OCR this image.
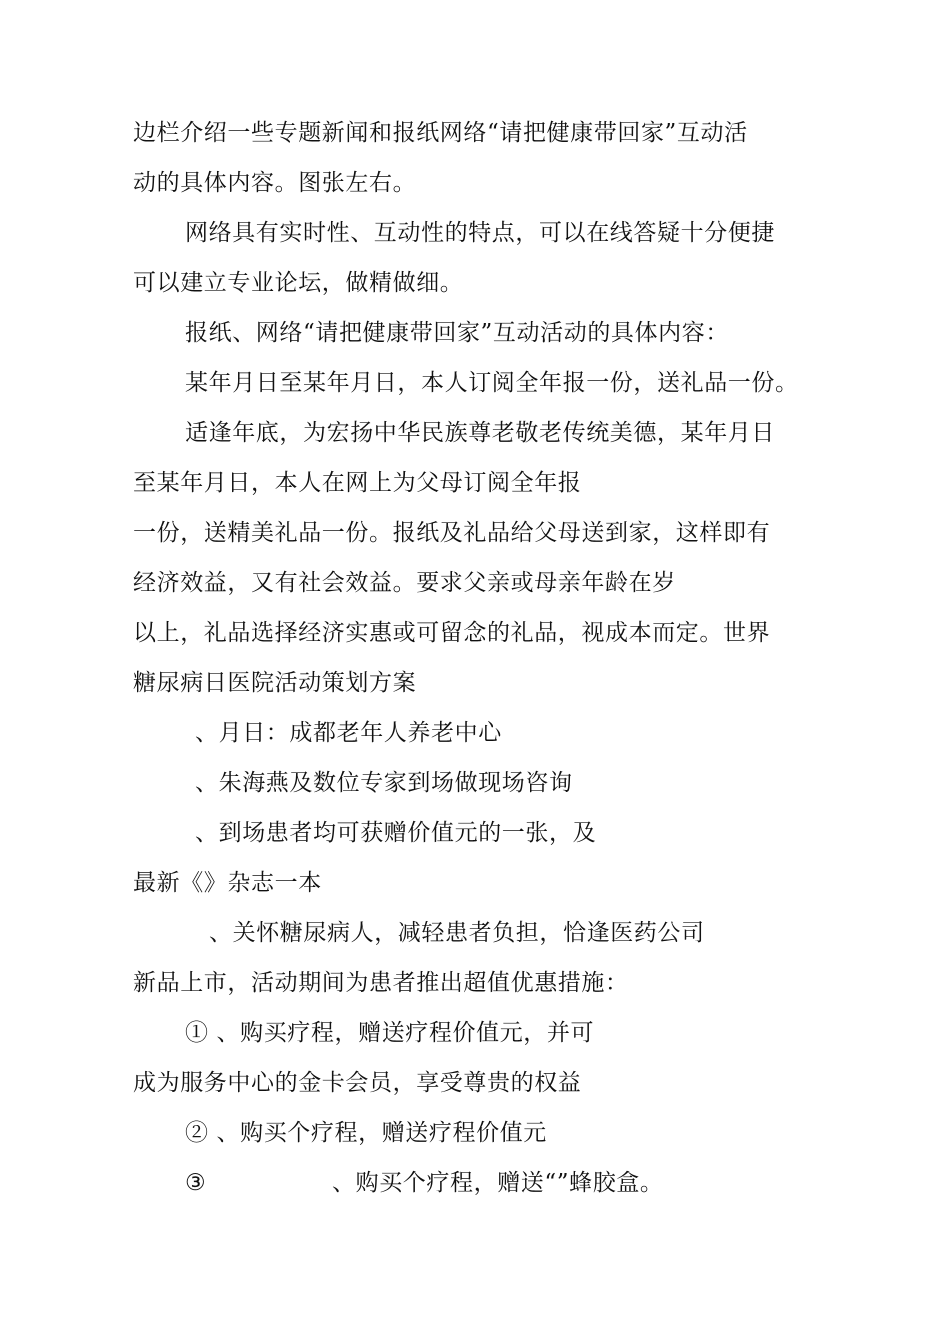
边栏介绍一些专题新闻和报纸网络“请把健康带回家”互动活
动的具体内容。图张左右。
网络具有实时性、互动性的特点，可以在线答疑十分便捷
可以建立专业论坛，做精做细。
报纸、网络“请把健康带回家”互动活动的具体内容：
某年月日至某年月日，本人订阅全年报一份，送礼品一份。
适逢年底，为宏扬中华民族尊老敬老传统美德，某年月日
至某年月日，本人在网上为父母订阅全年报
一份，送精美礼品一份。报纸及礼品给父母送到家，这样即有
经济效益，又有社会效益。要求父亲或母亲年龄在岁
以上，礼品选择经济实惠或可留念的礼品，视成本而定。世界
糖尿病日医院活动策划方案
、月日：成都老年人养老中心
、朱海燕及数位专家到场做现场咨询
、到场患者均可获赠价值元的一张，及
最新《》杂志一本
、关怀糖尿病人，减轻患者负担，恰逢医药公司
新品上市，活动期间为患者推出超值优惠措施：
① 、购买疗程，赠送疗程价值元，并可
成为服务中心的金卡会员，享受尊贵的权益
② 、购买个疗程，赠送疗程价值元
③	、购买个疗程，赠送“”蜂胶盒。
